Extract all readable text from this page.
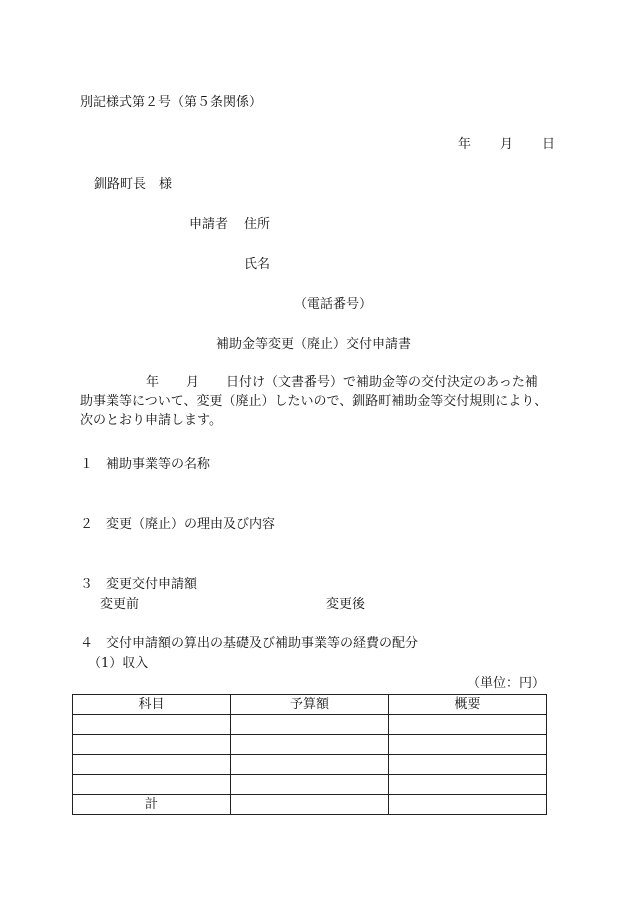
別記様式第２号（第５条関係）
年 月 日
釧路町長　様
申請者 住所
氏名
（電話番号）
補助金等変更（廃止）交付申請書
年 月 日付け（文書番号）で補助金等の交付決定のあった補
助事業等について、変更（廃止）したいので、釧路町補助金等交付規則により、
次のとおり申請します。
１　補助事業等の名称
２　変更（廃止）の理由及び内容
３　変更交付申請額
変更前	変更後
４　交付申請額の算出の基礎及び補助事業等の経費の配分
（1）収入
（単位：円）
科目	予算額	概要

計		
